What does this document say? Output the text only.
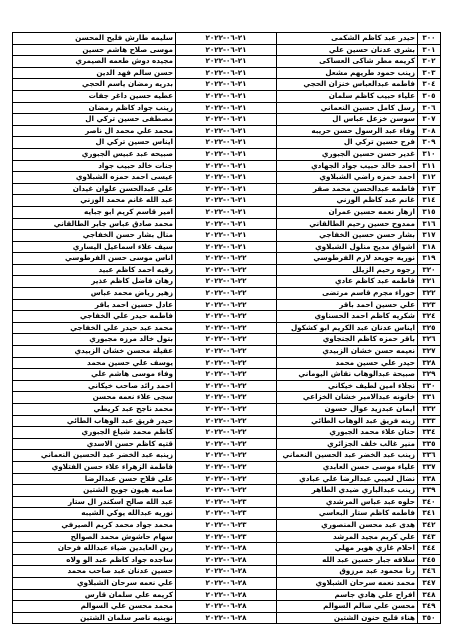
٣٠٠	حيدر عبد كاظم الشكمى	٢١-٠٦-٢٠٢٢	سليمه طارش فليح المحسن
٣٠١	بشرى عدنان حسين علي	٢١-٠٦-٢٠٢٢	موسى صلاح هاشم حسين
٣٠٢	كريمه مطر شاكى العساكى	٢١-٠٦-٢٠٢٢	مجيده دوش طعمه الصيمري
٣٠٣	زينب حمود طريهم مشعل	٢١-٠٦-٢٠٢٢	حسن سالم فهد الدين
٣٠٤	فاطمه عبدالعباس خنزان الحجي	٢١-٠٦-٢٠٢٢	بدريه رمضان ياسم الحجي
٣٠٥	علياء حبيب كاظم سلمان	٢١-٠٦-٢٠٢٢	عطيه حسين داغر جفات
٣٠٦	رسل كامل حسين النعماني	٢١-٠٦-٢٠٢٢	زينب جواد كاظم رمضان
٣٠٧	سوسن خزعل عباس ال	٢١-٠٦-٢٠٢٢	مصطفى حسين تركي ال
٣٠٨	وفاء عبد الرسول حسن حريبه	٢١-٠٦-٢٠٢٢	محمد علي محمد ال ناصر
٣٠٩	فرح حسين تركي ال	٢١-٠٦-٢٠٢٢	ايناس حسين تركي ال
٣١٠	غدير حسن حسين الجبوري	٢١-٠٦-٢٠٢٢	صبيحه عبد عبيس الجبوري
٣١١	احمد خالد حبيب جواد الجهادي	٢١-٠٦-٢٠٢٢	جنات خالد حبيب جواد
٣١٢	احمد حمزه راضي الشبلاوي	٢١-٠٦-٢٠٢٢	عيسى احمد حمزه الشبلاوي
٣١٣	فاطمه عبدالحسن محمد صقر	٢١-٠٦-٢٠٢٢	علي عبدالحسن علوان غيدان
٣١٤	غانم عبد كاظم الوزني	٢١-٠٦-٢٠٢٢	عبد الله غانم محمد الوزني
٣١٥	ازهار نعمه حسين عمران	٢١-٠٦-٢٠٢٢	امير قاسم كريم ابو جبايه
٣١٦	ممدوح حسين رحيم الطالقاني	٢١-٠٦-٢٠٢٢	محمد صادق عباس جابر الطالقاني
٣١٧	بشار حسن حسين الخفاجي	٢١-٠٦-٢٠٢٢	منال بشار حسن الخفاجي
٣١٨	اشواق مديح منلول الشبلاوي	٢١-٠٦-٢٠٢٢	سيف علاء اسماعيل اليساري
٣١٩	نوريه جويعد لازم الفرطوسي	٢٢-٠٦-٢٠٢٢	اناس موسى حسن الفرطوسي
٣٢٠	رجوه رحيم الزيلل	٢٢-٠٦-٢٠٢٢	رقيه احمد كاظم عبيد
٣٢١	فاطمه عبد كاظم عادي	٢٢-٠٦-٢٠٢٢	رهان فاضل كاظم عذير
٣٢٢	حوراء مجرم قاسم مرتضى	٢٢-٠٦-٢٠٢٢	زهير رياض محمد عباس
٣٢٣	علي حسين احمد باقر	٢٢-٠٦-٢٠٢٢	عادل حسين احمد باقر
٣٢٤	شكريه كاظم احمد الحسناوي	٢٢-٠٦-٢٠٢٢	فاطمه حيدر علي الخفاجي
٣٢٥	ايناس عدنان عبد الكريم ابو كشكول	٢٢-٠٦-٢٠٢٢	محمد عبد حيدر علي الخفاجي
٣٢٦	باقر حمزه كاظم الجنجاوي	٢٢-٠٦-٢٠٢٢	بتول خالد مرزه مجبوري
٣٢٧	نعيمه حسن خشان الزبيدي	٢٢-٠٦-٢٠٢٢	عقيلة محسن خشان الزبيدي
٣٢٨	حيدر علي حسين محمد	٢٢-٠٦-٢٠٢٢	يوسف علي حسين محمد
٣٢٩	صبيحة عبدالوهاب نقاش اليوماني	٢٢-٠٦-٢٠٢٢	وفاء موسى هاشم علي
٣٣٠	نجلاء امين لطيف خيكاني	٢٢-٠٦-٢٠٢٢	احمد رائد صاحب خيكاني
٣٣١	خاتونه عبدالامير خشان الخزاعي	٢٢-٠٦-٢٠٢٢	سجى علاء نعمه محسن
٣٣٢	ايمان عبدزيد عوال حسون	٢٢-٠٦-٢٠٢٢	محمد ناجح عبد كريطي
٣٣٣	زينه فريق عبد الوهاب الطائي	٢٢-٠٦-٢٠٢٢	حيدر فريق عبد الوهاب الطائي
٣٣٤	حنان علاء محمد الجبوري	٢٢-٠٦-٢٠٢٢	كاظم محمد شياع الجبوري
٣٣٥	منير غالب خلف الجزائري	٢٢-٠٦-٢٠٢٢	قتيه كاظم حسن الاسدي
٣٣٦	زينب عبد الخضر عبد الحسين النعماني	٢٢-٠٦-٢٠٢٢	زينبه عبد الخضر عبد الحسين النعماني
٣٣٧	علياء موسى حسن العابدي	٢٢-٠٦-٢٠٢٢	فاطمة الزهراء علاء حسن الفتلاوي
٣٣٨	نضال لعيبي عبدالرضا علي عبادي	٢٢-٠٦-٢٠٢٢	علي فلاح حسن عبدالرضا
٣٣٩	زينب عبدالباري ضيدي الطاهر	٢٢-٠٦-٢٠٢٢	صاميه هيون جويح الشتين
٣٤٠	حلوه عبد عباس المرشدي	٢٣-٠٦-٢٠٢٢	عبد الله صالح اسكندر ال ستار
٣٤١	فاطمه كاظم ستار البعاسي	٢٣-٠٦-٢٠٢٢	نوريه عبدالله يوكي الشيبه
٣٤٢	هدى عبد محسن المنصوري	٢٣-٠٦-٢٠٢٢	محمد جواد محمد كريم الصيرفي
٣٤٣	علي كريم مجيد المرشد	٢٣-٠٦-٢٠٢٢	سهام حاشوش محمد الصوالح
٣٤٤	احلام غازي هوير مهلي	٢٨-٠٦-٢٠٢٢	زين العابدين ضياء عبدالله فرحان
٣٤٥	سلافه جبار حسين عبد الله	٢٨-٠٦-٢٠٢٢	ساجده جواد كاظم عبد الو ولاه
٣٤٦	رنا محمود عبد مرزوق	٢٨-٠٦-٢٠٢٢	حسين عدنان عبد صاحب محمد
٣٤٧	محمد نعمه سرحان الشبلاوي	٢٨-٠٦-٢٠٢٢	علي نعمه سرحان الشبلاوي
٣٤٨	افراح علي هادي جاسم	٢٨-٠٦-٢٠٢٢	كريمه علي سلمان قارس
٣٤٩	محسن علي سالم السوالم	٢٨-٠٦-٢٠٢٢	محمد محسن علي السوالم
٣٥٠	هناء قليح حنون الشتين	٢٨-٠٦-٢٠٢٢	نوينيه ناصر سلمان الشتين
